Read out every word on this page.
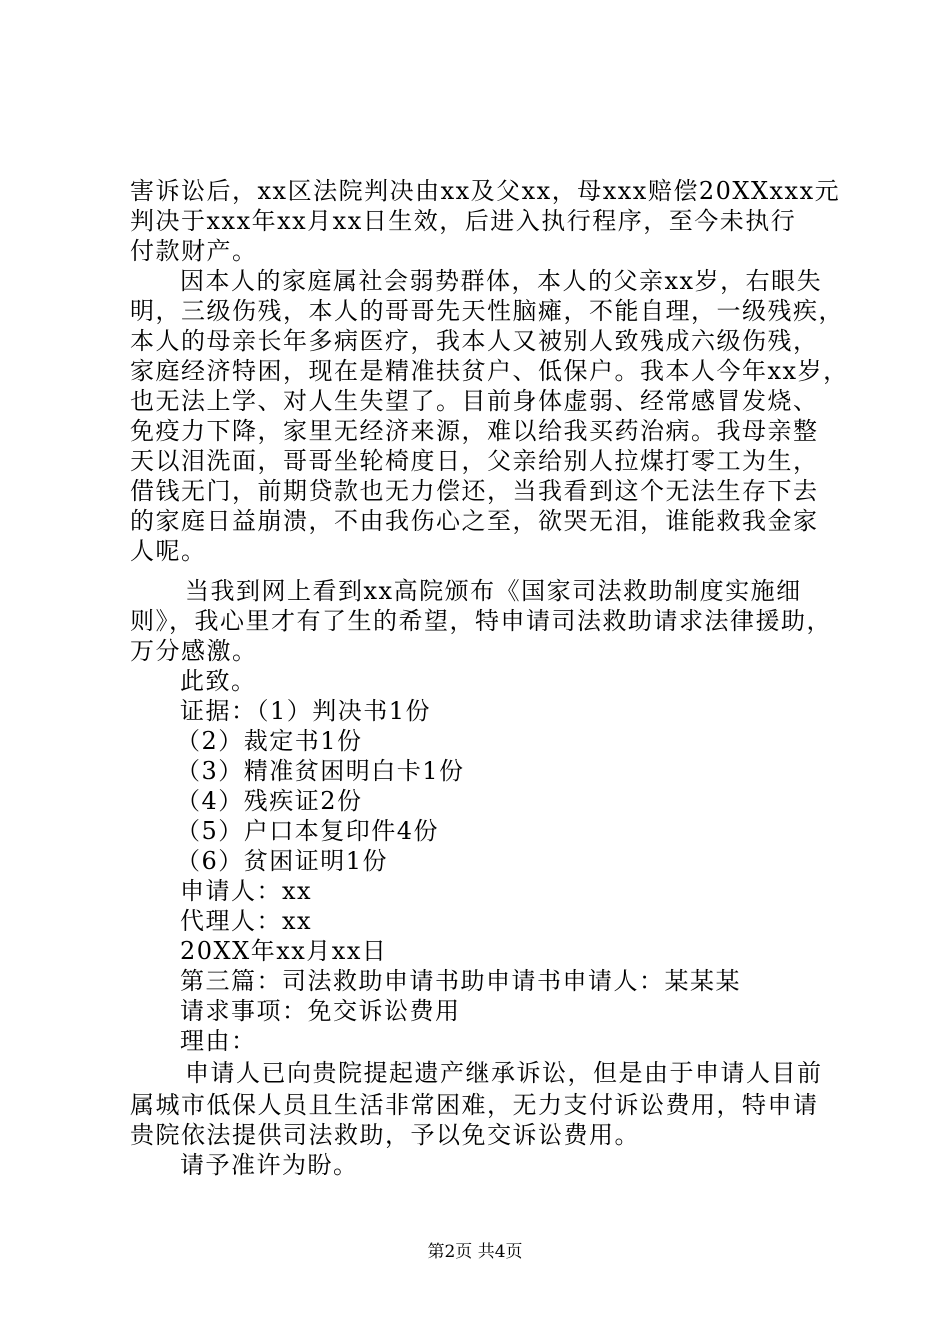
害诉讼后，xx区法院判决由xx及父xx，母xxx赔偿20XXxxx元
判决于xxx年xx月xx日生效，后进入执行程序，至今未执行
付款财产。
因本人的家庭属社会弱势群体，本人的父亲xx岁，右眼失
明，三级伤残，本人的哥哥先天性脑瘫，不能自理，一级残疾，
本人的母亲长年多病医疗，我本人又被别人致残成六级伤残，
家庭经济特困，现在是精准扶贫户、低保户。我本人今年xx岁，
也无法上学、对人生失望了。目前身体虚弱、经常感冒发烧、
免疫力下降，家里无经济来源，难以给我买药治病。我母亲整
天以泪洗面，哥哥坐轮椅度日，父亲给别人拉煤打零工为生，
借钱无门，前期贷款也无力偿还，当我看到这个无法生存下去
的家庭日益崩溃，不由我伤心之至，欲哭无泪，谁能救我金家
人呢。
当我到网上看到xx高院颁布《国家司法救助制度实施细
则》，我心里才有了生的希望，特申请司法救助请求法律援助，
万分感激。
此致。
证据：（1）判决书1份
（2）裁定书1份
（3）精准贫困明白卡1份
（4）残疾证2份
（5）户口本复印件4份
（6）贫困证明1份
申请人：xx
代理人：xx
20XX年xx月xx日
第三篇：司法救助申请书助申请书申请人：某某某
请求事项：免交诉讼费用
理由：
申请人已向贵院提起遗产继承诉讼，但是由于申请人目前
属城市低保人员且生活非常困难，无力支付诉讼费用，特申请
贵院依法提供司法救助，予以免交诉讼费用。
请予准许为盼。
第2页 共4页
